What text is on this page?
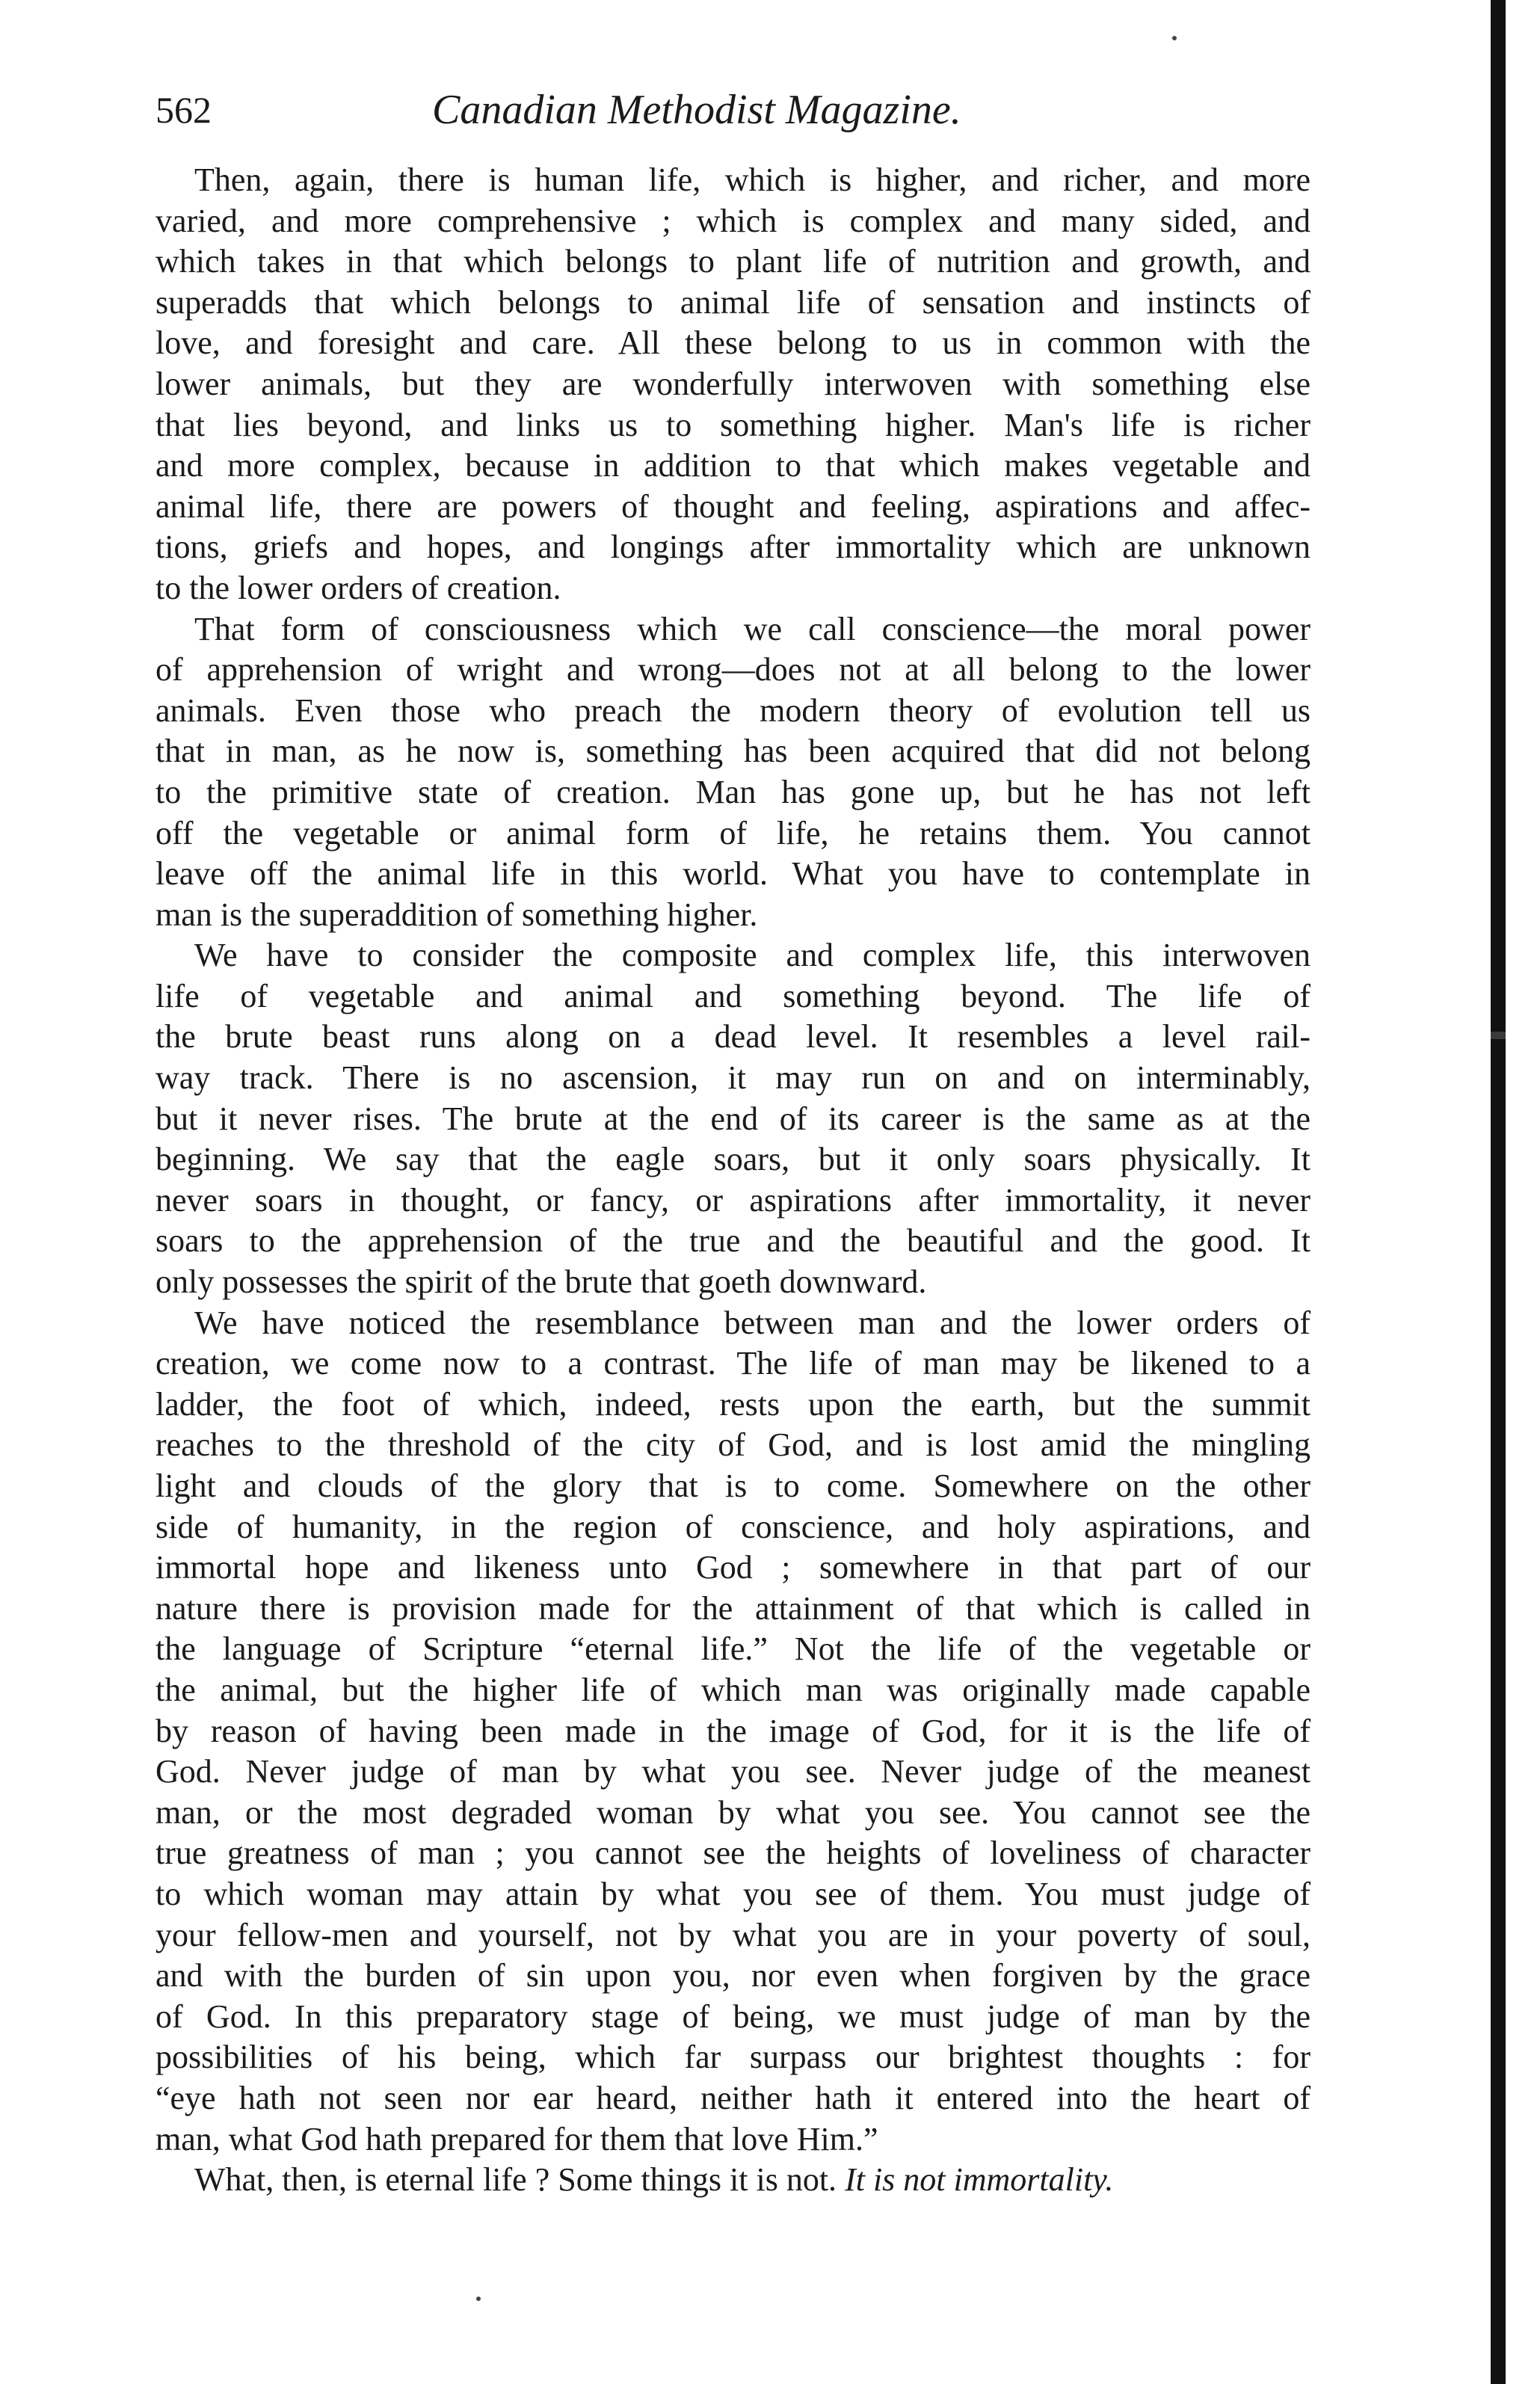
562	Canadian Methodist Magazine.
Then, again, there is human life, which is higher, and richer, and more
varied, and more comprehensive ; which is complex and many sided, and
which takes in that which belongs to plant life of nutrition and growth, and
superadds that which belongs to animal life of sensation and instincts of
love, and foresight and care. All these belong to us in common with the
lower animals, but they are wonderfully interwoven with something else
that lies beyond, and links us to something higher. Man's life is richer
and more complex, because in addition to that which makes vegetable and
animal life, there are powers of thought and feeling, aspirations and affec-
tions, griefs and hopes, and longings after immortality which are unknown
to the lower orders of creation.
That form of consciousness which we call conscience—the moral power
of apprehension of wright and wrong—does not at all belong to the lower
animals. Even those who preach the modern theory of evolution tell us
that in man, as he now is, something has been acquired that did not belong
to the primitive state of creation. Man has gone up, but he has not left
off the vegetable or animal form of life, he retains them. You cannot
leave off the animal life in this world. What you have to contemplate in
man is the superaddition of something higher.
We have to consider the composite and complex life, this interwoven
life of vegetable and animal and something beyond. The life of
the brute beast runs along on a dead level. It resembles a level rail-
way track. There is no ascension, it may run on and on interminably,
but it never rises. The brute at the end of its career is the same as at the
beginning. We say that the eagle soars, but it only soars physically. It
never soars in thought, or fancy, or aspirations after immortality, it never
soars to the apprehension of the true and the beautiful and the good. It
only possesses the spirit of the brute that goeth downward.
We have noticed the resemblance between man and the lower orders of
creation, we come now to a contrast. The life of man may be likened to a
ladder, the foot of which, indeed, rests upon the earth, but the summit
reaches to the threshold of the city of God, and is lost amid the mingling
light and clouds of the glory that is to come. Somewhere on the other
side of humanity, in the region of conscience, and holy aspirations, and
immortal hope and likeness unto God ; somewhere in that part of our
nature there is provision made for the attainment of that which is called in
the language of Scripture “eternal life.” Not the life of the vegetable or
the animal, but the higher life of which man was originally made capable
by reason of having been made in the image of God, for it is the life of
God. Never judge of man by what you see. Never judge of the meanest
man, or the most degraded woman by what you see. You cannot see the
true greatness of man ; you cannot see the heights of loveliness of character
to which woman may attain by what you see of them. You must judge of
your fellow-men and yourself, not by what you are in your poverty of soul,
and with the burden of sin upon you, nor even when forgiven by the grace
of God. In this preparatory stage of being, we must judge of man by the
possibilities of his being, which far surpass our brightest thoughts : for
“eye hath not seen nor ear heard, neither hath it entered into the heart of
man, what God hath prepared for them that love Him.”
What, then, is eternal life ? Some things it is not. It is not immortality.
